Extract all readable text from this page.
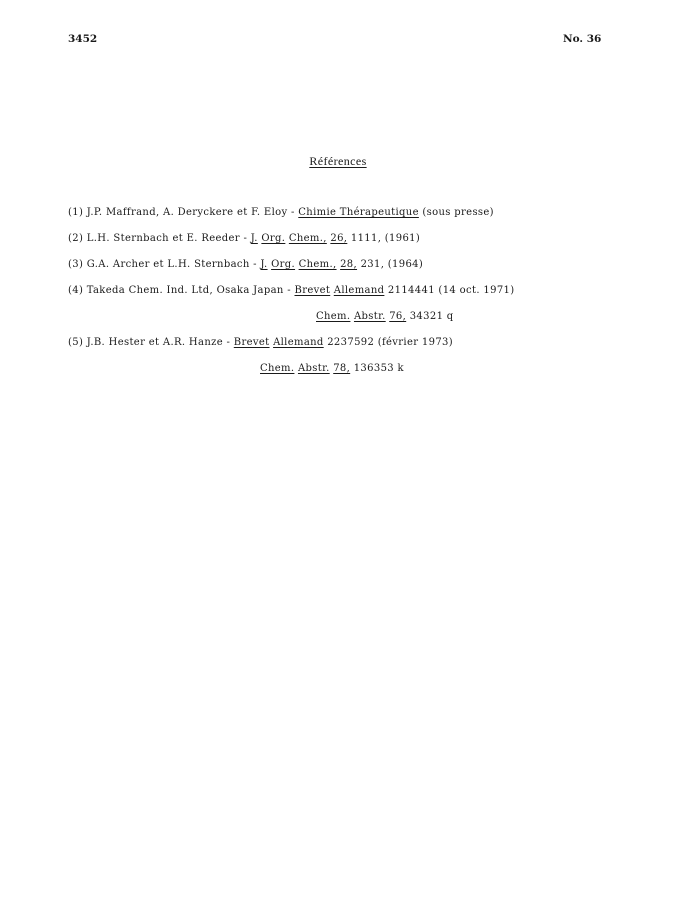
3452	No. 36
Références
(1) J.P. Maffrand, A. Deryckere et F. Eloy - Chimie Thérapeutique (sous presse)
(2) L.H. Sternbach et E. Reeder - J. Org. Chem., 26, 1111, (1961)
(3) G.A. Archer et L.H. Sternbach - J. Org. Chem., 28, 231, (1964)
(4) Takeda Chem. Ind. Ltd, Osaka Japan - Brevet Allemand 2114441 (14 oct. 1971)
Chem. Abstr. 76, 34321 q
(5) J.B. Hester et A.R. Hanze - Brevet Allemand 2237592 (février 1973)
Chem. Abstr. 78, 136353 k
